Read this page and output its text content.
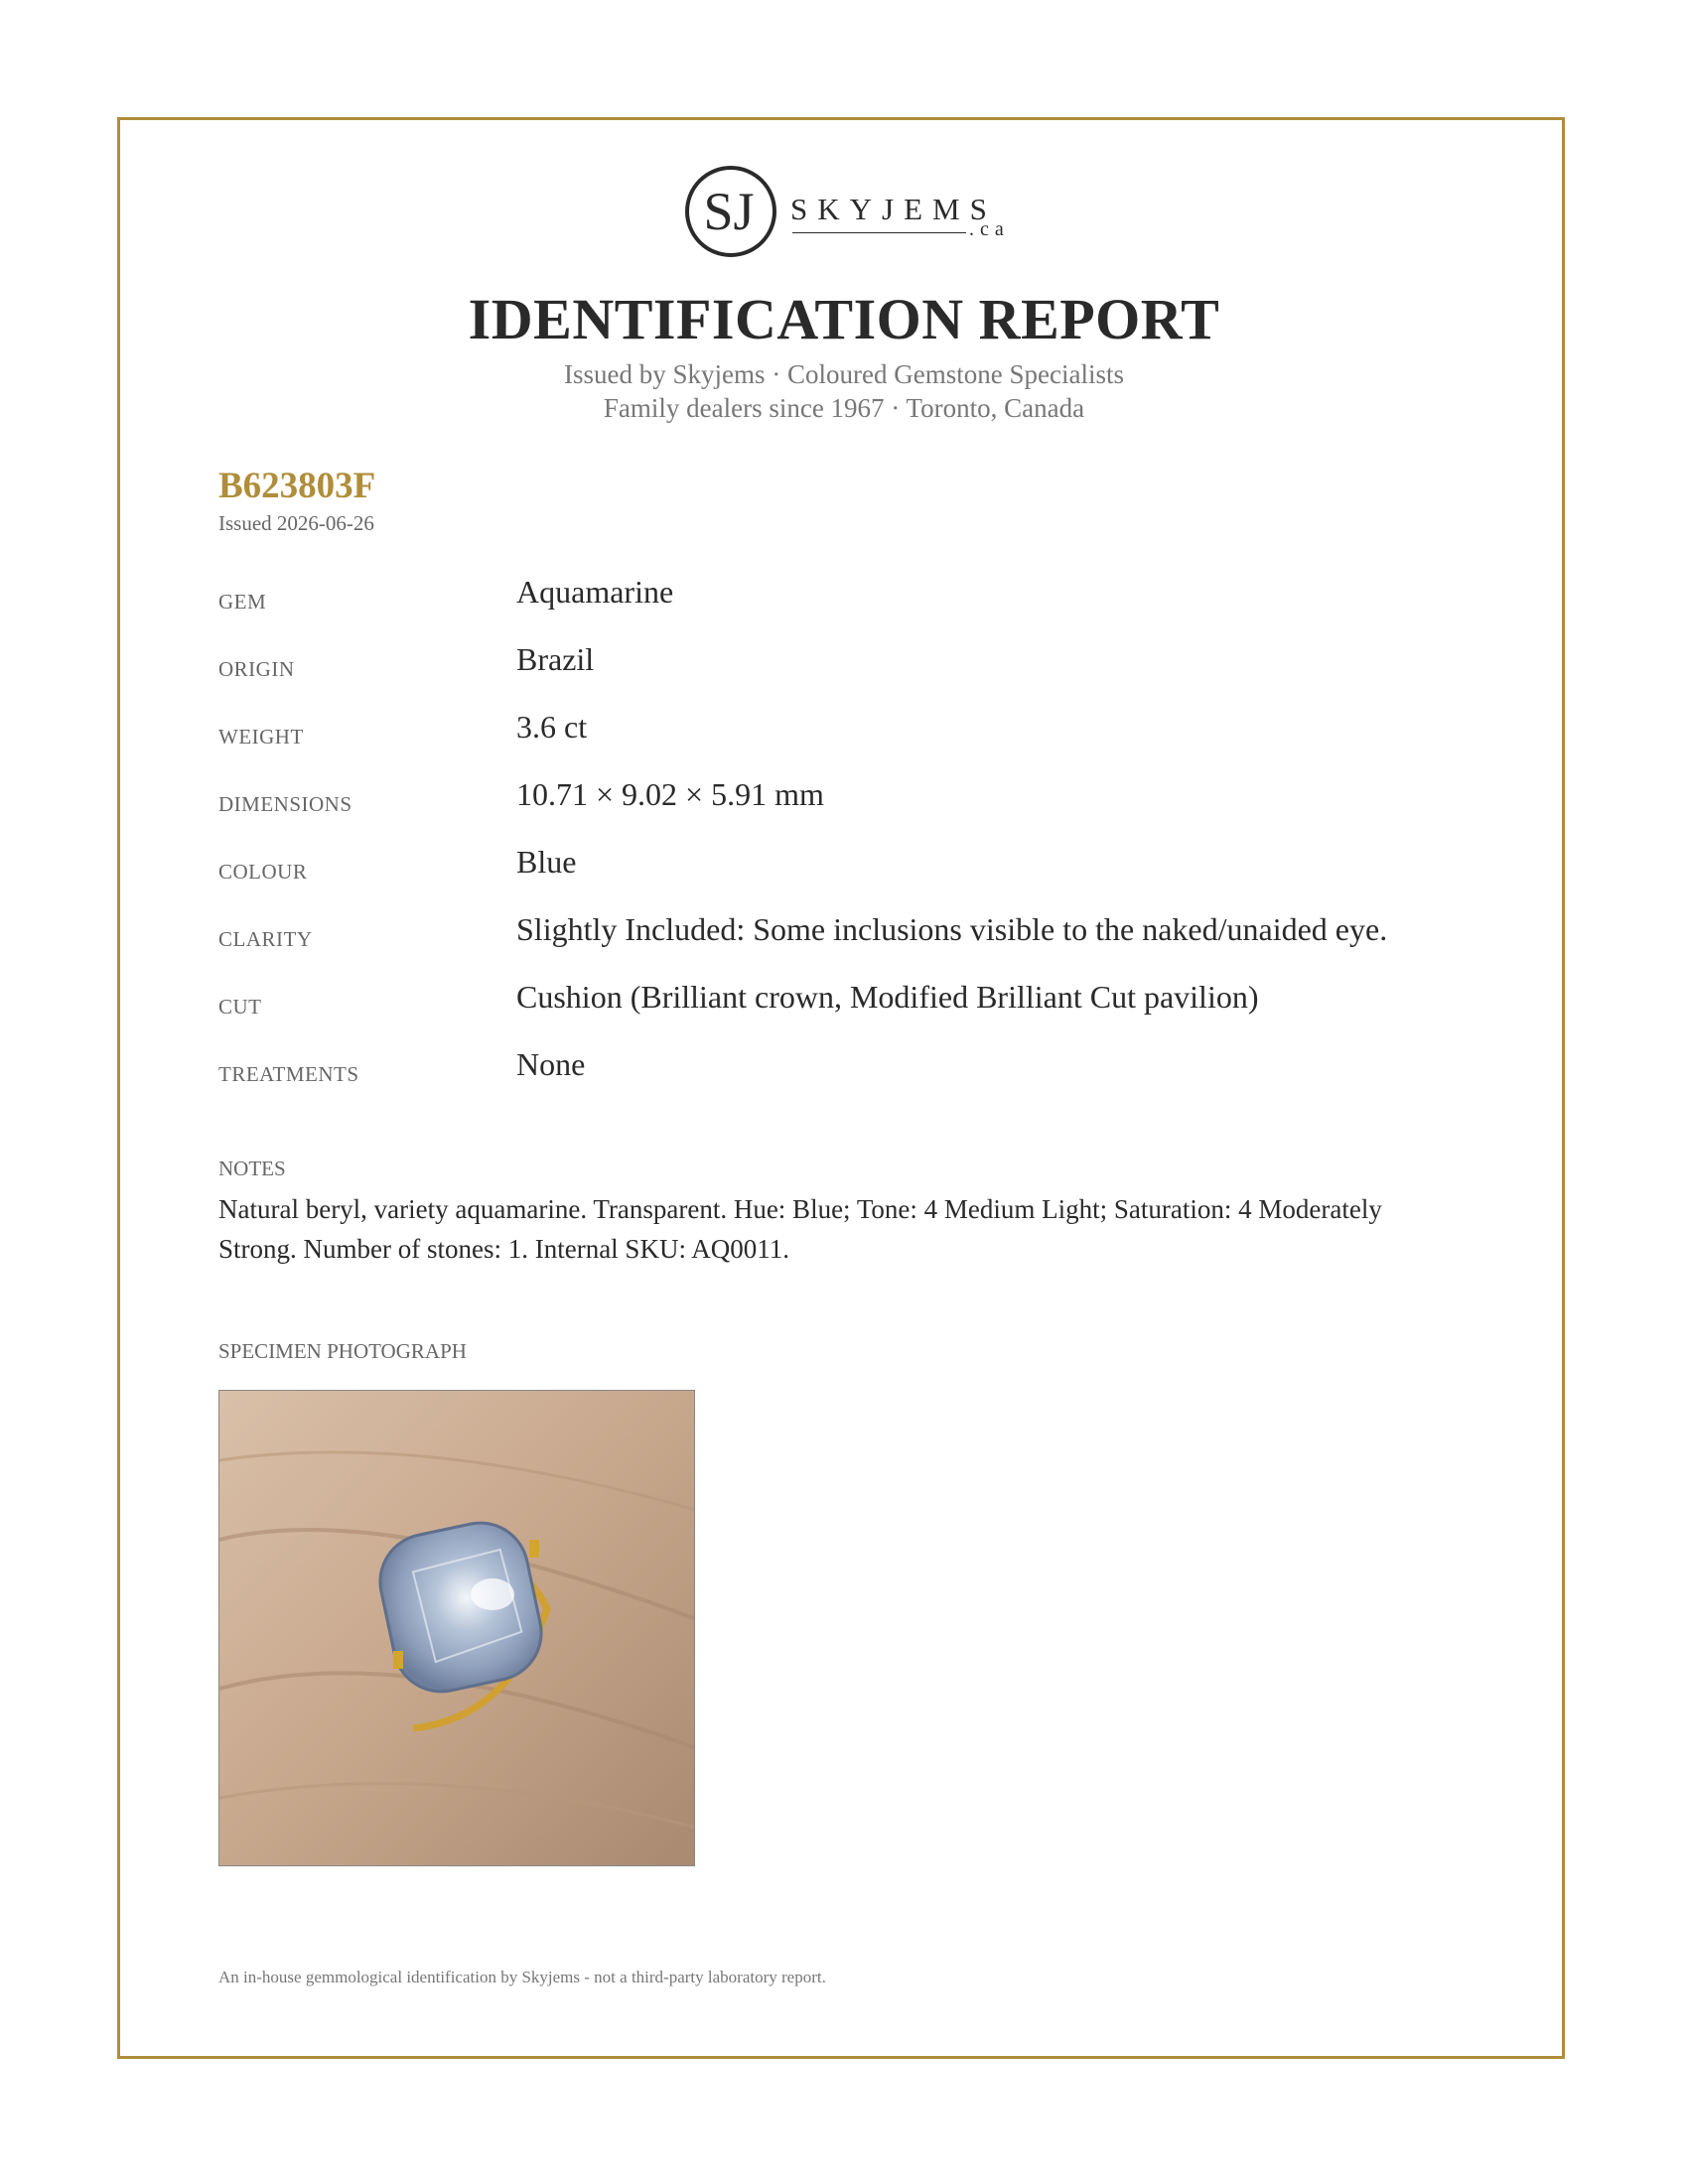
SJ SKYJEMS
.ca
IDENTIFICATION REPORT
Issued by Skyjems · Coloured Gemstone Specialists
Family dealers since 1967 · Toronto, Canada
B623803F
Issued 2026-06-26
GEM	Aquamarine
ORIGIN	Brazil
WEIGHT	3.6 ct
DIMENSIONS	10.71 × 9.02 × 5.91 mm
COLOUR	Blue
CLARITY	Slightly Included: Some inclusions visible to the naked/unaided eye.
CUT	Cushion (Brilliant crown, Modified Brilliant Cut pavilion)
TREATMENTS	None
NOTES
Natural beryl, variety aquamarine. Transparent. Hue: Blue; Tone: 4 Medium Light; Saturation: 4 Moderately Strong. Number of stones: 1. Internal SKU: AQ0011.
SPECIMEN PHOTOGRAPH
An in-house gemmological identification by Skyjems - not a third-party laboratory report.
